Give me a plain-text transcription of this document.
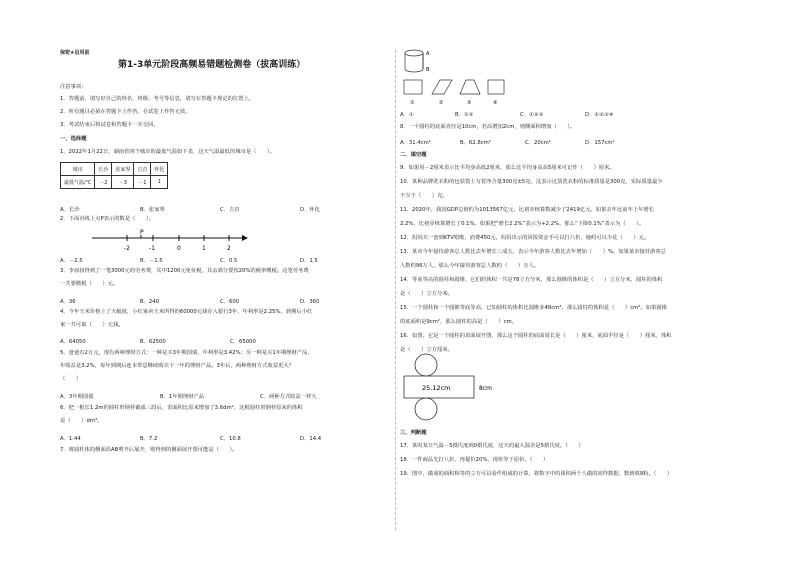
保密★启用前
第1-3单元阶段高频易错题检测卷（拔高训练）
注意事项：
1．答题前，填写好自己的姓名、班级、考号等信息，请写在答题卡规定的位置上。
2．所有题目必须在答题卡上作答，在试卷上作答无效。
3．考试结束后将试卷和答题卡一并交回。
一、选择题
1．2022年1月22日，湖南省四个城市的最低气温如下表，这天气温最低的城市是（　　）。
城市	长沙	张家界	吉首	怀化
最低气温/℃	－2	－3	－1	1
A．长沙	B．张家界	C．吉首	D．怀化
2．下面直线上点P表示的数是（　　）。
P
-2	-1	0	1	2
A．－2.5	B．－1.5	C．0.5	D．1.5
3．李叔叔得到了一笔3000元的劳务费，其中1200元免征税，其余部分要按20%的税率缴税。这笔劳务费
一共要缴税（　　）元。
A．36	B．240	C．600	D．360
4．今年玉米价格上了大幅度，小红家卖玉米所得的60000元钱存入银行3年，年利率是2.25%，到期后小红
家一共可取（　　）元钱。
A．64050	B．62500	C．65000
5．爸爸有2万元，现有两种理财方式：一种是买3年期国债，年利率是3.42%；另一种是买1年期理财产品，
年收益是3.2%，每年到期后连本带息继续购买下一年的理财产品。3年后，两种理财方式收益更大？
（　　）
A．3年期国债	B．1年期理财产品	C．两种方式收益一样大
6．把一根长1.2m的圆柱形钢材截成三段后，表面积比原来增加了3.6dm²，这根圆柱形钢材原来的体积
是（　　）dm³。
A．1.44	B．7.2	C．10.8	D．14.4
7．将圆柱体的侧面沿AB剪开后展开，则得到的侧面展开图可能是（　　）。
A
B
①	②	③	④
A．①	B．①②	C．①②③	D．①②③④
8．一个圆柱的底面直径是10cm，若高增加2cm，则侧面积增加（　　）。
A．31.4cm²	B．62.8cm²	C．20cm²	D．157cm²
二、填空题
9．如果用－2厘米表示比平均身高低2厘米，那么比平均身高高5厘米可记作（　　）厘米。
10．某种品牌洗衣粉的包装袋上写着净含量300克±5克，这表示这袋洗衣粉的标准质量是300克，实际质量最少
不少于（　　）克。
11．2020年，我国GDP总值约为1013567亿元，比初步核算数减少了2419亿元。如果去年比前年上年增长
2.2%，比初步核算增长了0.1%。如果把“增长2.2%”表示为+2.2%，那么“下降0.1%”表示为（　　）。
12．妈妈买一套到KTV唱歌，消费450元，妈妈出示的回报资金手可以打八折，她约可以少花（　　）元。
13．某市今年接待游客总人数比去年增长三成五，表示今年游客人数比去年增加（　　）%。如果某市接待游客总
人数约96万人，那么今年接待游客总人数约（　　）万人。
14．等底等高的圆柱和圆锥，它们的体积一共是78立方分米，那么圆锥的体积是（　　）立方分米，圆柱的体积
是（　　）立方分米。
15．一个圆柱和一个圆锥等底等高，已知圆柱的体积比圆锥多48cm³，那么圆柱的体积是（　　）cm³。如果圆锥
的底面积是9cm²，那么圆柱的高是（　　）cm。
16．如图，它是一个圆柱的表面展开图，那么这个圆柱的底面周长是（　　）厘米，底面半径是（　　）厘米，体积
是（　　）立方厘米。
25.12cm	8cm
三、判断题
17．某时某日气温－5摄氏度到0摄氏度，这天的最大温差是5摄氏度。（　　）
18．一件商品先打八折，再提价20%，现价等于原价。（　　）
19．图中，做成的面积相等的立方可以看作组成的计算，将数字中的体积两个人做的同样数据，数到填9粉。（　　）
